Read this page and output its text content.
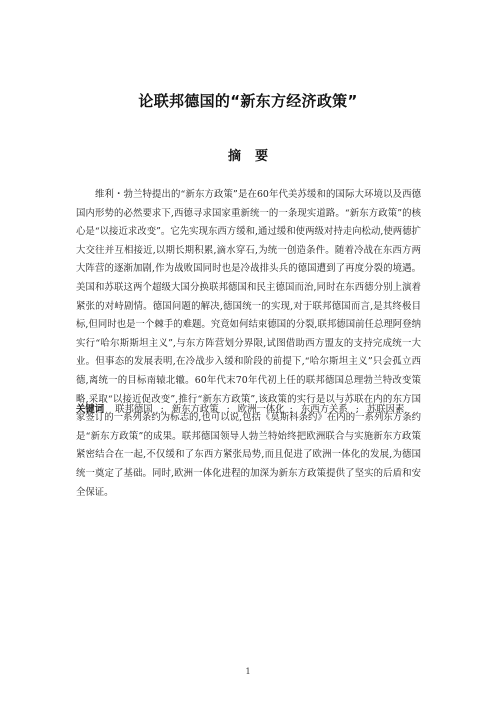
论联邦德国的“新东方经济政策”
摘要

维利・勃兰特提出的“新东方政策”是在60年代美苏缓和的国际大环境以及西德国内形势的必然要求下,西德寻求国家重新统一的一条现实道路。“新东方政策”的核心是“以接近求改变”。它先实现东西方缓和,通过缓和使两级对持走向松动,使两德扩大交往并互相接近,以期长期积累,滴水穿石,为统一创造条件。随着冷战在东西方两大阵营的逐渐加剧,作为战败国同时也是冷战排头兵的德国遭到了再度分裂的境遇。美国和苏联这两个超级大国分换联邦德国和民主德国而治,同时在东西德分别上演着紧张的对峙剧情。德国问题的解决,德国统一的实现,对于联邦德国而言,是其终极目标,但同时也是一个棘手的难题。究竟如何结束德国的分裂,联邦德国前任总理阿登纳实行“哈尔斯斯坦主义”,与东方阵营划分界限,试图借助西方盟友的支持完成统一大业。但事态的发展表明,在冷战步入缓和阶段的前提下,“哈尔斯坦主义”只会孤立西德,离统一的目标南辕北辙。60年代末70年代初上任的联邦德国总理勃兰特改变策略,采取“以接近促改变”,推行“新东方政策”,该政策的实行是以与苏联在内的东方国家签订的一系列条约为标志的,也可以说,包括《莫斯科条约》在内的一系列东方条约是“新东方政策”的成果。联邦德国领导人勃兰特始终把欧洲联合与实施新东方政策紧密结合在一起,不仅缓和了东西方紧张局势,而且促进了欧洲一体化的发展,为德国统一奠定了基础。同时,欧洲一体化进程的加深为新东方政策提供了坚实的后盾和安全保证。

关键词 联邦德国 ; 新东方政策 ; 欧洲一体化 ; 东西方关系 ; 苏联因素
1
